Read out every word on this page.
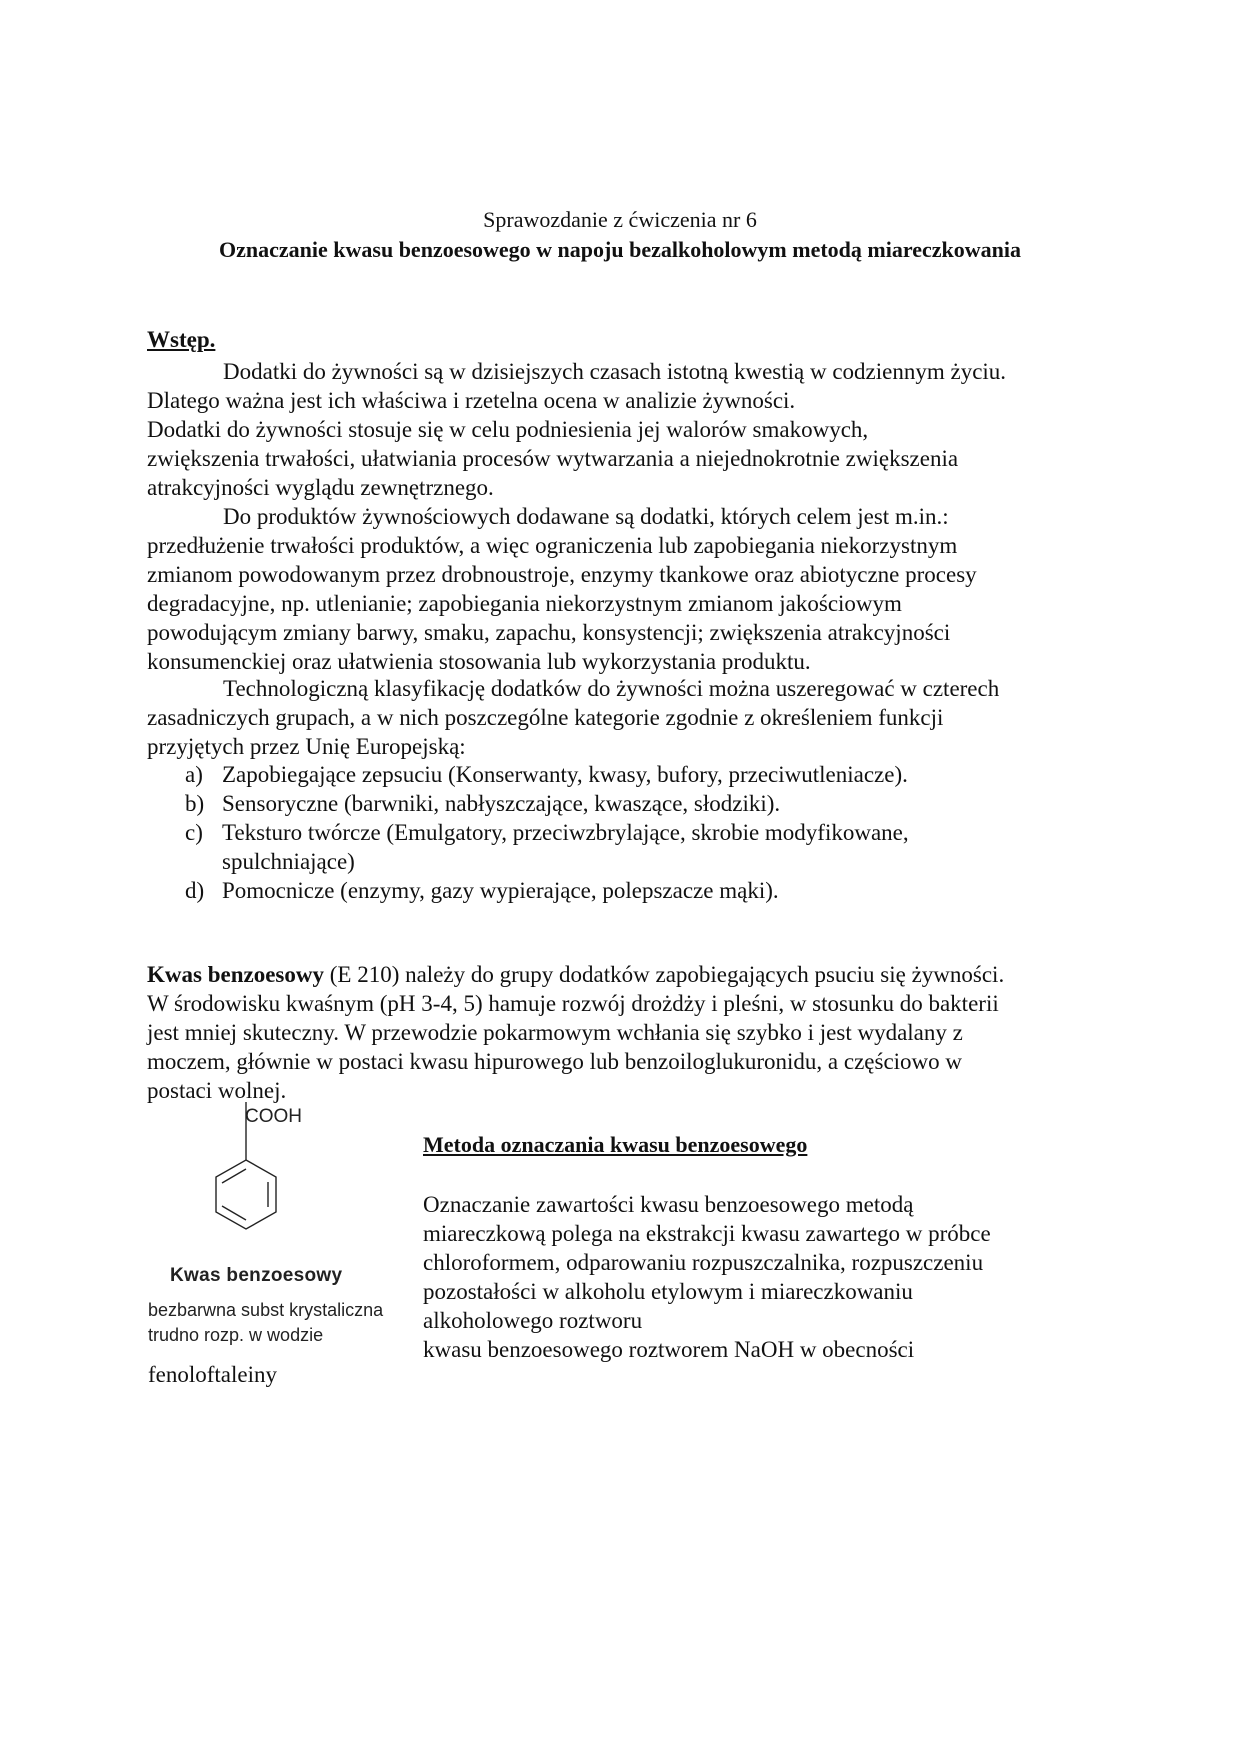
Sprawozdanie z ćwiczenia nr 6
Oznaczanie kwasu benzoesowego w napoju bezalkoholowym metodą miareczkowania
Wstęp.
Dodatki do żywności są w dzisiejszych czasach istotną kwestią w codziennym życiu.
Dlatego ważna jest ich właściwa i rzetelna ocena w analizie żywności.
Dodatki do żywności stosuje się w celu podniesienia jej walorów smakowych,
zwiększenia trwałości, ułatwiania procesów wytwarzania a niejednokrotnie zwiększenia
atrakcyjności wyglądu zewnętrznego.
Do produktów żywnościowych dodawane są dodatki, których celem jest m.in.:
przedłużenie trwałości produktów, a więc ograniczenia lub zapobiegania niekorzystnym
zmianom powodowanym przez drobnoustroje, enzymy tkankowe oraz abiotyczne procesy
degradacyjne, np. utlenianie; zapobiegania niekorzystnym zmianom jakościowym
powodującym zmiany barwy, smaku, zapachu, konsystencji; zwiększenia atrakcyjności
konsumenckiej oraz ułatwienia stosowania lub wykorzystania produktu.
Technologiczną klasyfikację dodatków do żywności można uszeregować w czterech
zasadniczych grupach, a w nich poszczególne kategorie zgodnie z określeniem funkcji
przyjętych przez Unię Europejską:
a) Zapobiegające zepsuciu (Konserwanty, kwasy, bufory, przeciwutleniacze).
b) Sensoryczne (barwniki, nabłyszczające, kwaszące, słodziki).
c) Teksturo twórcze (Emulgatory, przeciwzbrylające, skrobie modyfikowane,
spulchniające)
d) Pomocnicze (enzymy, gazy wypierające, polepszacze mąki).
Kwas benzoesowy (E 210) należy do grupy dodatków zapobiegających psuciu się żywności.
W środowisku kwaśnym (pH 3-4, 5) hamuje rozwój drożdży i pleśni, w stosunku do bakterii
jest mniej skuteczny. W przewodzie pokarmowym wchłania się szybko i jest wydalany z
moczem, głównie w postaci kwasu hipurowego lub benzoiloglukuronidu, a częściowo w
postaci wolnej.
COOH
Kwas benzoesowy
bezbarwna subst krystaliczna
trudno rozp. w wodzie
fenoloftaleiny
Metoda oznaczania kwasu benzoesowego
Oznaczanie zawartości kwasu benzoesowego metodą
miareczkową polega na ekstrakcji kwasu zawartego w próbce
chloroformem, odparowaniu rozpuszczalnika, rozpuszczeniu
pozostałości w alkoholu etylowym i miareczkowaniu
alkoholowego roztworu
kwasu benzoesowego roztworem NaOH w obecności
